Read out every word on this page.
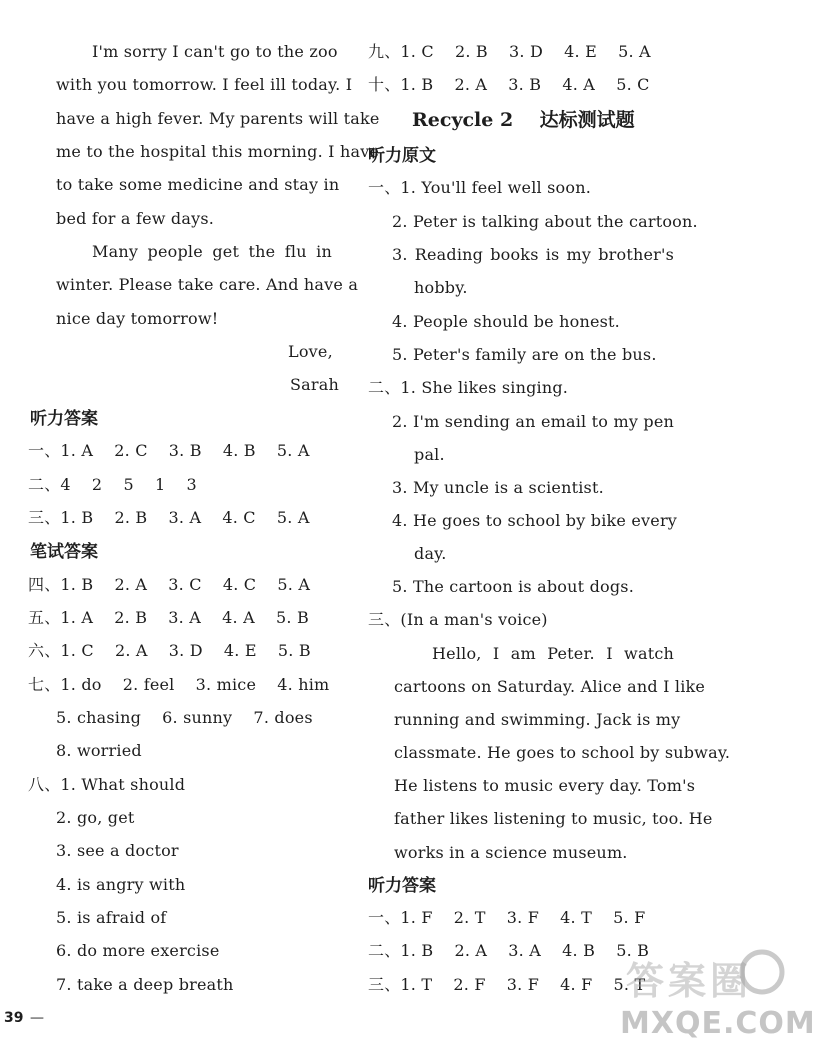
I'm sorry I can't go to the zoo
with you tomorrow. I feel ill today. I
have a high fever. My parents will take
me to the hospital this morning. I have
to take some medicine and stay in
bed for a few days.
Many people get the flu in
winter. Please take care. And have a
nice day tomorrow!
Love,
Sarah
听力答案
一、1. A    2. C    3. B    4. B    5. A
二、4    2    5    1    3
三、1. B    2. B    3. A    4. C    5. A
笔试答案
四、1. B    2. A    3. C    4. C    5. A
五、1. A    2. B    3. A    4. A    5. B
六、1. C    2. A    3. D    4. E    5. B
七、1. do    2. feel    3. mice    4. him
5. chasing    6. sunny    7. does
8. worried
八、1. What should
2. go, get
3. see a doctor
4. is angry with
5. is afraid of
6. do more exercise
7. take a deep breath
九、1. C    2. B    3. D    4. E    5. A
十、1. B    2. A    3. B    4. A    5. C
Recycle 2    达标测试题
听力原文
一、1. You'll feel well soon.
2. Peter is talking about the cartoon.
3. Reading books is my brother's
hobby.
4. People should be honest.
5. Peter's family are on the bus.
二、1. She likes singing.
2. I'm sending an email to my pen
pal.
3. My uncle is a scientist.
4. He goes to school by bike every
day.
5. The cartoon is about dogs.
三、(In a man's voice)
Hello, I am Peter. I watch
cartoons on Saturday. Alice and I like
running and swimming. Jack is my
classmate. He goes to school by subway.
He listens to music every day. Tom's
father likes listening to music, too. He
works in a science museum.
听力答案
一、1. F    2. T    3. F    4. T    5. F
二、1. B    2. A    3. A    4. B    5. B
三、1. T    2. F    3. F    4. F    5. T
答案圈
MXQE.COM
39 —
